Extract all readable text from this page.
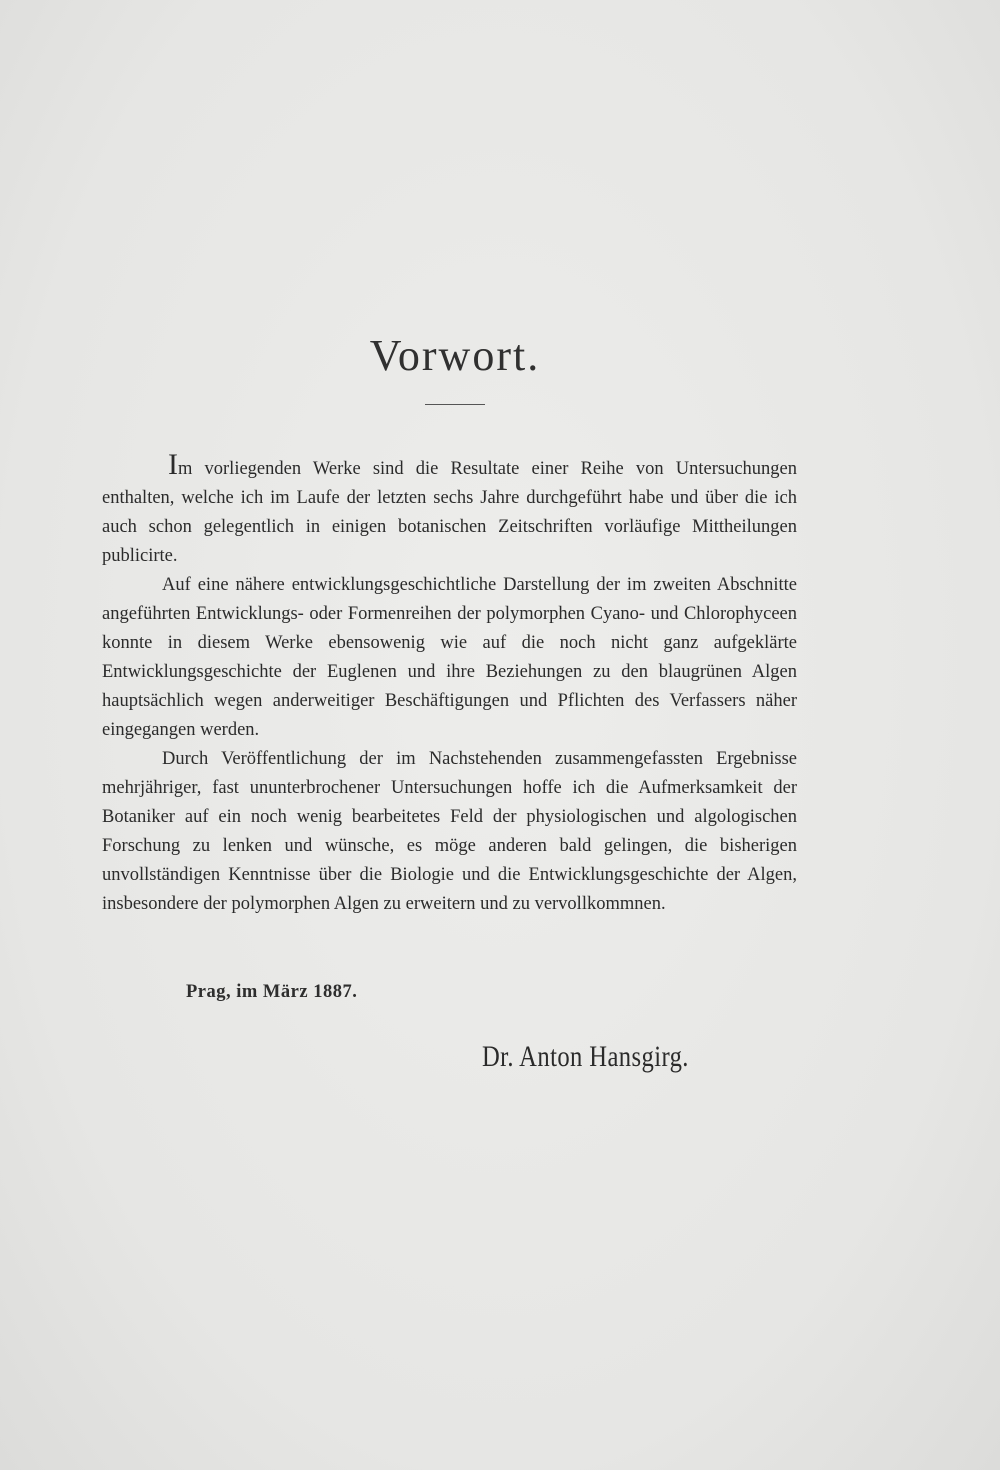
Vorwort.

Im vorliegenden Werke sind die Resultate einer Reihe von Untersuchungen enthalten, welche ich im Laufe der letzten sechs Jahre durchgeführt habe und über die ich auch schon gelegentlich in einigen botanischen Zeitschriften vorläufige Mittheilungen publicirte.

Auf eine nähere entwicklungsgeschichtliche Darstellung der im zweiten Abschnitte angeführten Entwicklungs- oder Formenreihen der polymorphen Cyano- und Chlorophyceen konnte in diesem Werke ebensowenig wie auf die noch nicht ganz aufgeklärte Entwicklungsgeschichte der Euglenen und ihre Beziehungen zu den blaugrünen Algen hauptsächlich wegen anderweitiger Beschäftigungen und Pflichten des Verfassers näher eingegangen werden.

Durch Veröffentlichung der im Nachstehenden zusammengefassten Ergebnisse mehrjähriger, fast ununterbrochener Untersuchungen hoffe ich die Aufmerksamkeit der Botaniker auf ein noch wenig bearbeitetes Feld der physiologischen und algologischen Forschung zu lenken und wünsche, es möge anderen bald gelingen, die bisherigen unvollständigen Kenntnisse über die Biologie und die Entwicklungsgeschichte der Algen, insbesondere der polymorphen Algen zu erweitern und zu vervollkommnen.

Prag, im März 1887.
Dr. Anton Hansgirg.
